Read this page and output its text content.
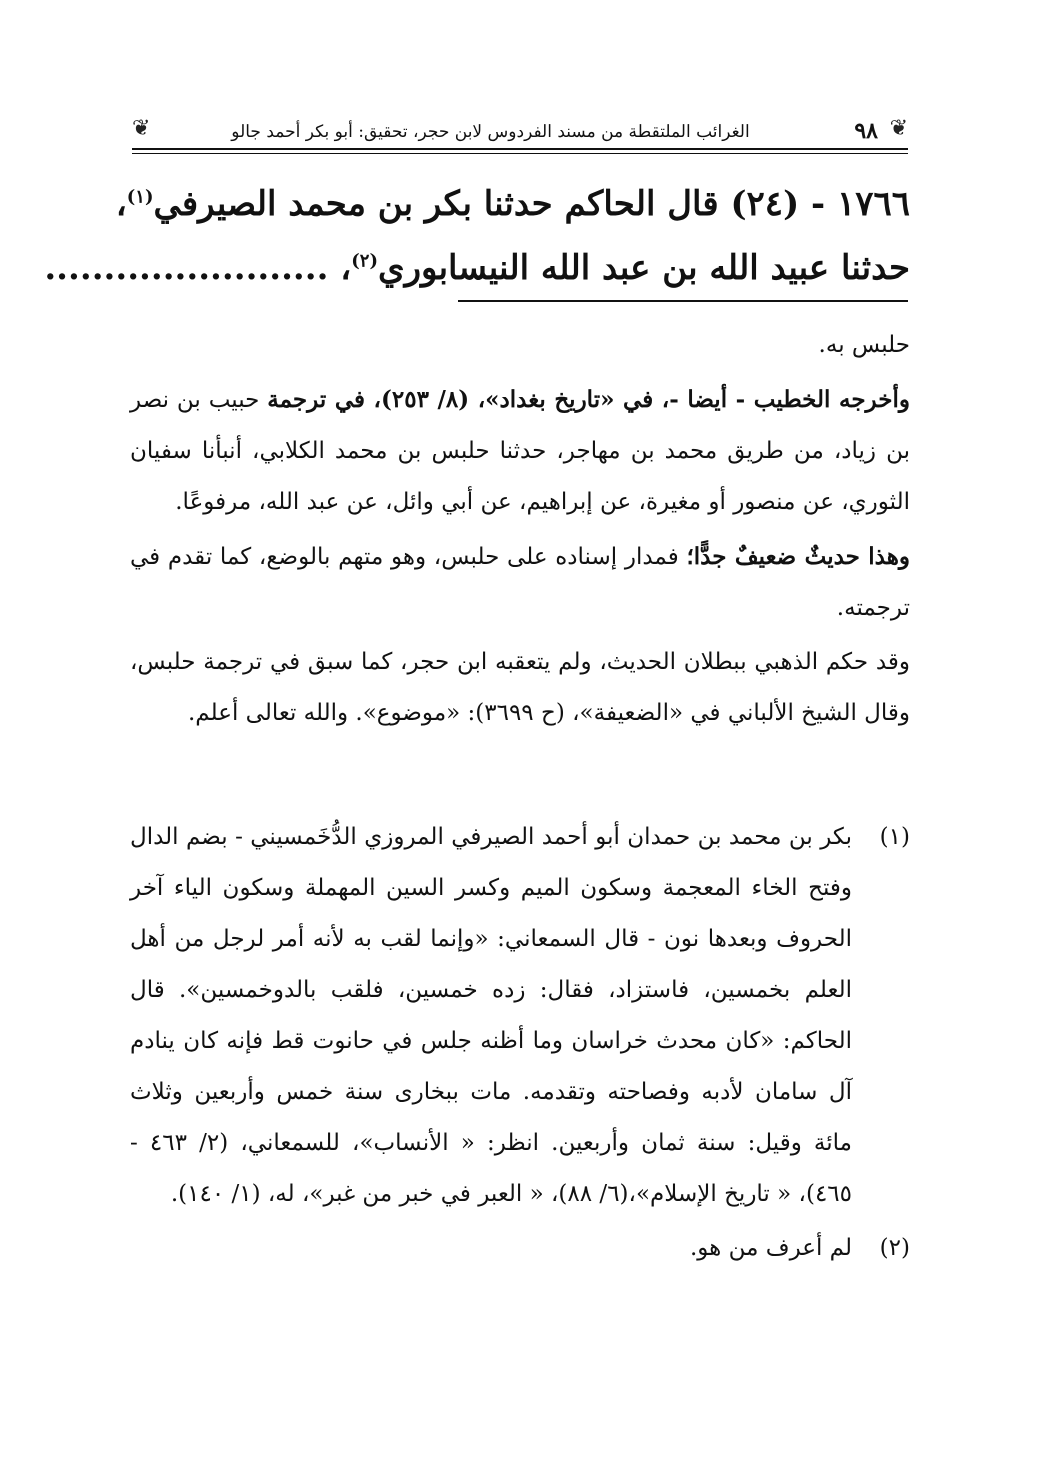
❦
٩٨
الغرائب الملتقطة من مسند الفردوس لابن حجر، تحقيق: أبو بكر أحمد جالو
❦
١٧٦٦ - (٢٤) قال الحاكم حدثنا بكر بن محمد الصيرفي$^{(١)}$،
حدثنا عبيد الله بن عبد الله النيسابوري$^{(٢)}$، ........................

حلبس به.

وأخرجه الخطيب - أيضا -، في «تاريخ بغداد»، (٨/ ٢٥٣)، في ترجمة حبيب بن نصر بن زياد، من طريق محمد بن مهاجر، حدثنا حلبس بن محمد الكلابي، أنبأنا سفيان الثوري، عن منصور أو مغيرة، عن إبراهيم، عن أبي وائل، عن عبد الله، مرفوعًا.

وهذا حديثٌ ضعيفٌ جدًّا؛ فمدار إسناده على حلبس، وهو متهم بالوضع، كما تقدم في ترجمته.

وقد حكم الذهبي ببطلان الحديث، ولم يتعقبه ابن حجر، كما سبق في ترجمة حلبس، وقال الشيخ الألباني في «الضعيفة»، (ح ٣٦٩٩): «موضوع». والله تعالى أعلم.

(١)
بكر بن محمد بن حمدان أبو أحمد الصيرفي المروزي الدُّخَمسيني - بضم الدال وفتح الخاء المعجمة وسكون الميم وكسر السين المهملة وسكون الياء آخر الحروف وبعدها نون - قال السمعاني: «وإنما لقب به لأنه أمر لرجل من أهل العلم بخمسين، فاستزاد، فقال: زده خمسين، فلقب بالدوخمسين». قال الحاكم: «كان محدث خراسان وما أظنه جلس في حانوت قط فإنه كان ينادم آل سامان لأدبه وفصاحته وتقدمه. مات ببخارى سنة خمس وأربعين وثلاث مائة وقيل: سنة ثمان وأربعين. انظر: « الأنساب»، للسمعاني، (٢/ ٤٦٣ - ٤٦٥)، « تاريخ الإسلام»،(٦/ ٨٨)، « العبر في خبر من غبر»، له، (١/ ١٤٠).
(٢)
لم أعرف من هو.
